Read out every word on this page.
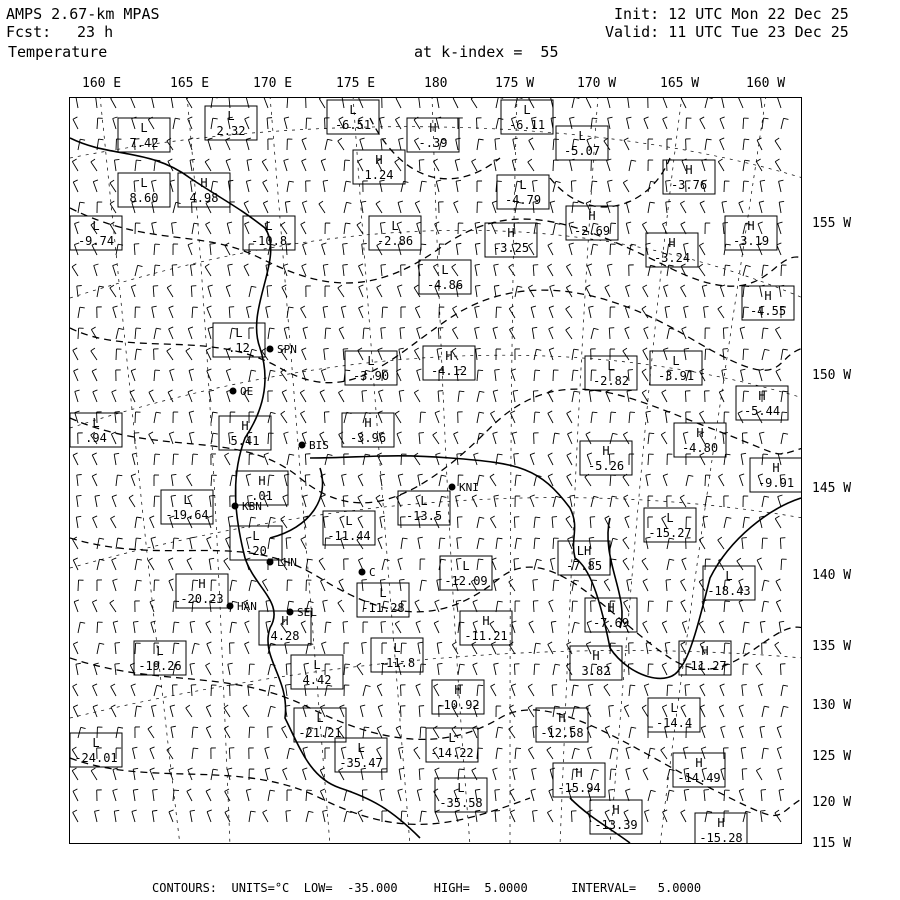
AMPS 2.67-km MPAS
Fcst: 23 h
Temperature
Init: 12 UTC Mon 22 Dec 25
Valid: 11 UTC Tue 23 Dec 25
at k-index =  55
160 E	165 E	170 E	175 E	180	175 W	170 W	165 W	160 W
155 W
150 W
145 W
140 W
135 W
130 W
125 W
120 W
115 W
BIS
SPN
SEL
LHN
KNI
OE
KBN
HAN
C
L
7.42
L
2.32
L
-6.51
L
-6.11
H
-.39	L
-5.07
L
8.60
H
4.98
H
1.24
L
-4.79
H
-3.76
L
-9.74
L
-10.8
L
-2.86
H
-3.25
H
-2.69
H
-3.24
H
-3.19
L
-4.86
H
-4.55
L
-3.90
H
-4.12	L
-2.82
L
-3.91
L
.12
H
-5.44
L
.94
H
5.41
H
-3.96
H
-5.26
H
-4.80
H
-9.91
H
.01	L
-13.5
L
-19.64	L
-15.27
L
-11.44
L
-20	LH
-7.85
L
-12.09	L
-18.43
H
-20.23	L
-11.28	H
-7.69
H
-11.21
H
4.28
L
-11.8
H
-11.27
L
-19.26
H
3.82
L
4.42
H
-10.92	L
-14.4
L
-21.21
H
-12.58
L
-14.22
L
-24.01
L
-35.47	H
-14.49
H
-15.94
L
-35.58	H
-13.39	H
-15.28
CONTOURS: UNITS=°C LOW=  -35.000	HIGH=  5.0000	INTERVAL=   5.0000
